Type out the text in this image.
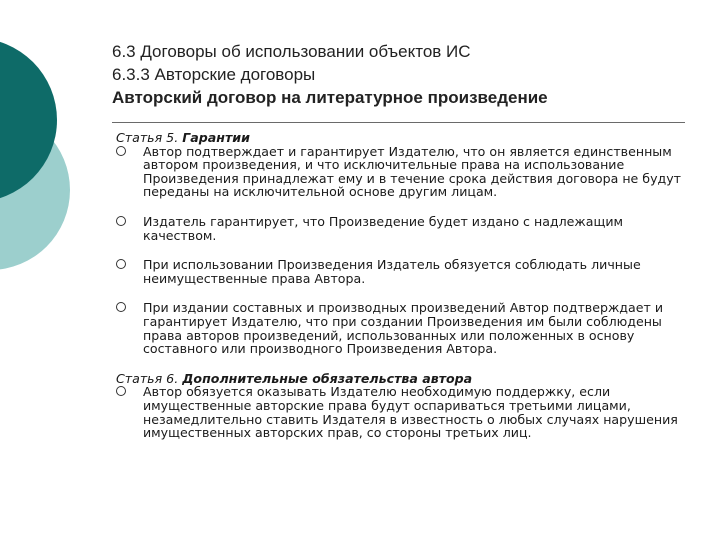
6.3 Договоры об использовании объектов ИС
6.3.3 Авторские договоры
Авторский договор на литературное произведение

Статья 5. Гарантии

Автор подтверждает и гарантирует Издателю, что он является единственным автором произведения, и что исключительные права на использование Произведения принадлежат ему и в течение срока действия договора не будут переданы на исключительной основе другим лицам.

Издатель гарантирует, что Произведение будет издано с надлежащим качеством.

При использовании Произведения Издатель обязуется соблюдать личные неимущественные права Автора.

При издании составных и производных произведений Автор подтверждает и гарантирует Издателю, что при создании Произведения им были соблюдены права авторов произведений, использованных или положенных в основу составного или производного Произведения Автора.

Статья 6. Дополнительные обязательства автора

Автор обязуется оказывать Издателю необходимую поддержку, если имущественные авторские права будут оспариваться третьими лицами, незамедлительно ставить Издателя в известность о любых случаях нарушения имущественных авторских прав, со стороны третьих лиц.
